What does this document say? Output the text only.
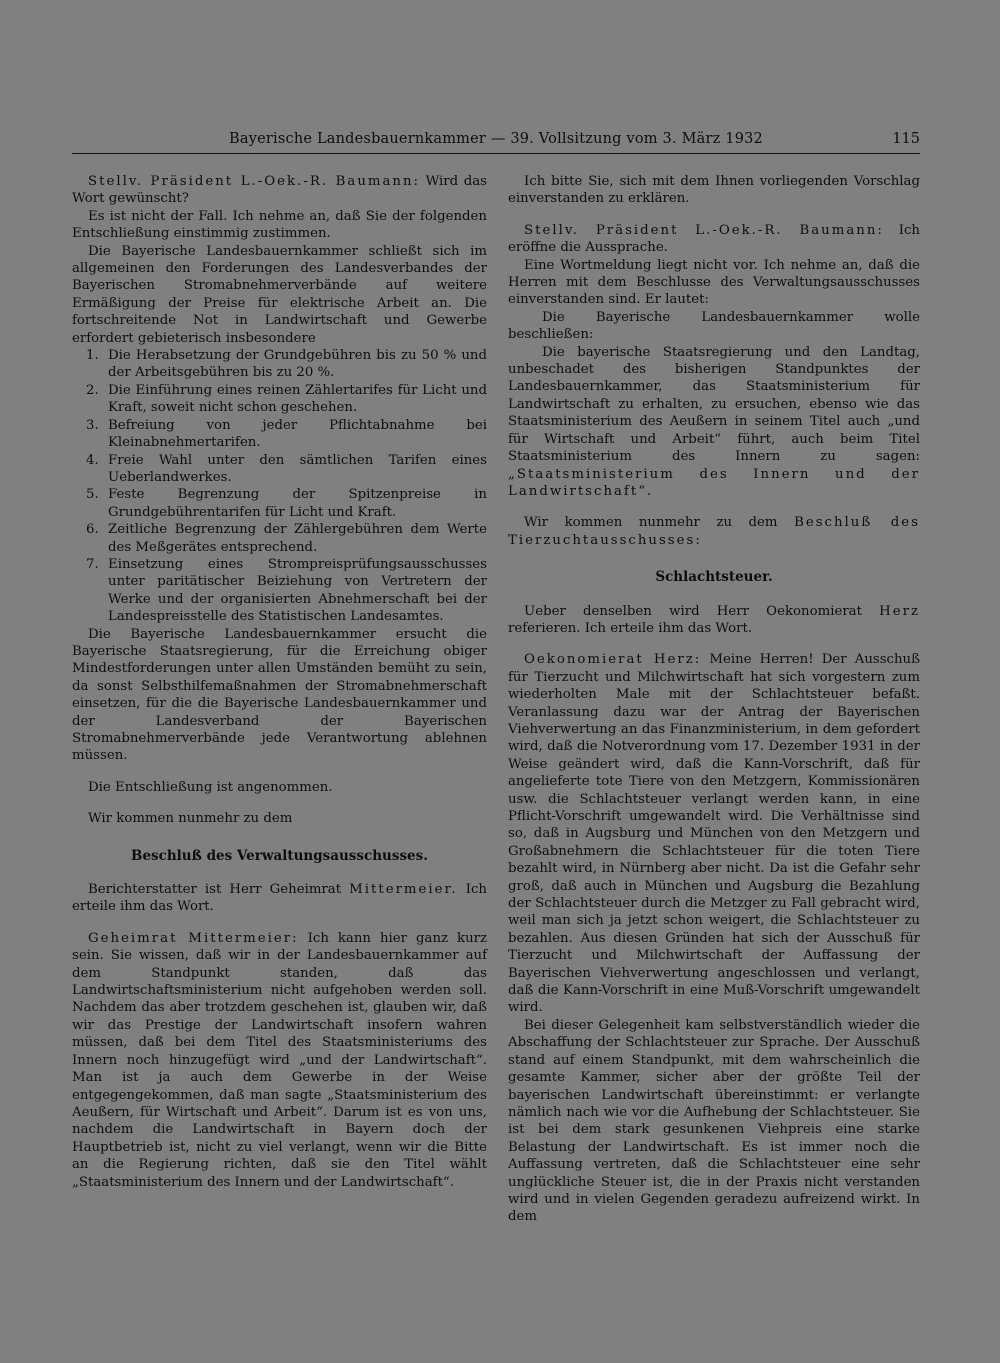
Bayerische Landesbauernkammer — 39. Vollsitzung vom 3. März 1932	115

Stellv. Präsident L.-Oek.-R. Baumann: Wird das Wort gewünscht?

Es ist nicht der Fall. Ich nehme an, daß Sie der folgenden Entschließung einstimmig zustimmen.

Die Bayerische Landesbauernkammer schließt sich im allgemeinen den Forderungen des Landesverbandes der Bayerischen Stromabnehmerverbände auf weitere Ermäßigung der Preise für elektrische Arbeit an. Die fortschreitende Not in Landwirtschaft und Gewerbe erfordert gebieterisch insbesondere

1. Die Herabsetzung der Grundgebühren bis zu 50 % und der Arbeitsgebühren bis zu 20 %.
2. Die Einführung eines reinen Zählertarifes für Licht und Kraft, soweit nicht schon geschehen.
3. Befreiung von jeder Pflichtabnahme bei Kleinabnehmertarifen.
4. Freie Wahl unter den sämtlichen Tarifen eines Ueberlandwerkes.
5. Feste Begrenzung der Spitzenpreise in Grundgebührentarifen für Licht und Kraft.
6. Zeitliche Begrenzung der Zählergebühren dem Werte des Meßgerätes entsprechend.
7. Einsetzung eines Strompreisprüfungsausschusses unter paritätischer Beiziehung von Vertretern der Werke und der organisierten Abnehmerschaft bei der Landespreisstelle des Statistischen Landesamtes.

Die Bayerische Landesbauernkammer ersucht die Bayerische Staatsregierung, für die Erreichung obiger Mindestforderungen unter allen Umständen bemüht zu sein, da sonst Selbsthilfemaßnahmen der Stromabnehmerschaft einsetzen, für die die Bayerische Landesbauernkammer und der Landesverband der Bayerischen Stromabnehmerverbände jede Verantwortung ablehnen müssen.

Die Entschließung ist angenommen.

Wir kommen nunmehr zu dem

Beschluß des Verwaltungsausschusses.

Berichterstatter ist Herr Geheimrat Mittermeier. Ich erteile ihm das Wort.

Geheimrat Mittermeier: Ich kann hier ganz kurz sein. Sie wissen, daß wir in der Landesbauernkammer auf dem Standpunkt standen, daß das Landwirtschaftsministerium nicht aufgehoben werden soll. Nachdem das aber trotzdem geschehen ist, glauben wir, daß wir das Prestige der Landwirtschaft insofern wahren müssen, daß bei dem Titel des Staatsministeriums des Innern noch hinzugefügt wird „und der Landwirtschaft“. Man ist ja auch dem Gewerbe in der Weise entgegengekommen, daß man sagte „Staatsministerium des Aeußern, für Wirtschaft und Arbeit“. Darum ist es von uns, nachdem die Landwirtschaft in Bayern doch der Hauptbetrieb ist, nicht zu viel verlangt, wenn wir die Bitte an die Regierung richten, daß sie den Titel wählt „Staatsministerium des Innern und der Landwirtschaft“.

Ich bitte Sie, sich mit dem Ihnen vorliegenden Vorschlag einverstanden zu erklären.

Stellv. Präsident L.-Oek.-R. Baumann: Ich eröffne die Aussprache.

Eine Wortmeldung liegt nicht vor. Ich nehme an, daß die Herren mit dem Beschlusse des Verwaltungsausschusses einverstanden sind. Er lautet:

Die Bayerische Landesbauernkammer wolle beschließen:

Die bayerische Staatsregierung und den Landtag, unbeschadet des bisherigen Standpunktes der Landesbauernkammer, das Staatsministerium für Landwirtschaft zu erhalten, zu ersuchen, ebenso wie das Staatsministerium des Aeußern in seinem Titel auch „und für Wirtschaft und Arbeit“ führt, auch beim Titel Staatsministerium des Innern zu sagen: „Staatsministerium des Innern und der Landwirtschaft“.

Wir kommen nunmehr zu dem Beschluß des Tierzuchtausschusses:

Schlachtsteuer.

Ueber denselben wird Herr Oekonomierat Herz referieren. Ich erteile ihm das Wort.

Oekonomierat Herz: Meine Herren! Der Ausschuß für Tierzucht und Milchwirtschaft hat sich vorgestern zum wiederholten Male mit der Schlachtsteuer befaßt. Veranlassung dazu war der Antrag der Bayerischen Viehverwertung an das Finanzministerium, in dem gefordert wird, daß die Notverordnung vom 17. Dezember 1931 in der Weise geändert wird, daß die Kann-Vorschrift, daß für angelieferte tote Tiere von den Metzgern, Kommissionären usw. die Schlachtsteuer verlangt werden kann, in eine Pflicht-Vorschrift umgewandelt wird. Die Verhältnisse sind so, daß in Augsburg und München von den Metzgern und Großabnehmern die Schlachtsteuer für die toten Tiere bezahlt wird, in Nürnberg aber nicht. Da ist die Gefahr sehr groß, daß auch in München und Augsburg die Bezahlung der Schlachtsteuer durch die Metzger zu Fall gebracht wird, weil man sich ja jetzt schon weigert, die Schlachtsteuer zu bezahlen. Aus diesen Gründen hat sich der Ausschuß für Tierzucht und Milchwirtschaft der Auffassung der Bayerischen Viehverwertung angeschlossen und verlangt, daß die Kann-Vorschrift in eine Muß-Vorschrift umgewandelt wird.

Bei dieser Gelegenheit kam selbstverständlich wieder die Abschaffung der Schlachtsteuer zur Sprache. Der Ausschuß stand auf einem Standpunkt, mit dem wahrscheinlich die gesamte Kammer, sicher aber der größte Teil der bayerischen Landwirtschaft übereinstimmt: er verlangte nämlich nach wie vor die Aufhebung der Schlachtsteuer. Sie ist bei dem stark gesunkenen Viehpreis eine starke Belastung der Landwirtschaft. Es ist immer noch die Auffassung vertreten, daß die Schlachtsteuer eine sehr unglückliche Steuer ist, die in der Praxis nicht verstanden wird und in vielen Gegenden geradezu aufreizend wirkt. In dem
